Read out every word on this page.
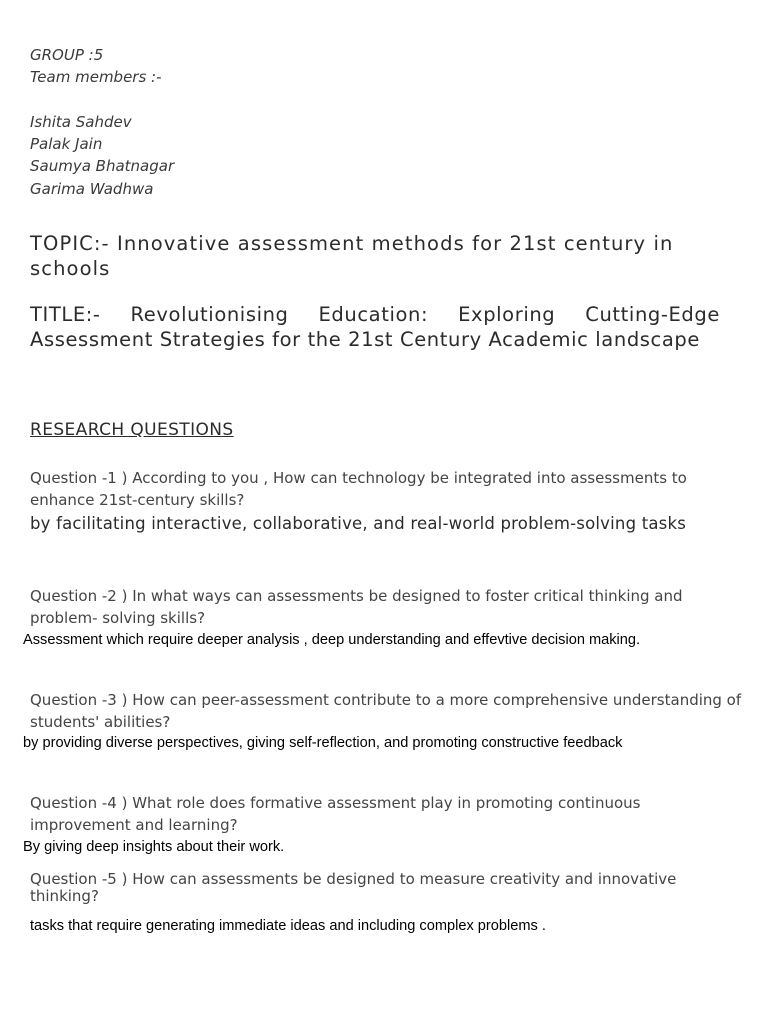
GROUP :5

Team members :-

Ishita Sahdev

Palak Jain

Saumya Bhatnagar

Garima Wadhwa

TOPIC:- Innovative assessment methods for 21st century in schools

TITLE:- Revolutionising Education: Exploring Cutting-Edge Assessment Strategies for the 21st Century Academic landscape

RESEARCH QUESTIONS

Question -1 ) According to you , How can technology be integrated into assessments to enhance 21st-century skills?

by facilitating interactive, collaborative, and real-world problem-solving tasks

Question -2 ) In what ways can assessments be designed to foster critical thinking and problem- solving skills?

Assessment which require deeper analysis , deep understanding and effevtive decision making.

Question -3 ) How can peer-assessment contribute to a more comprehensive understanding of students' abilities?

by providing diverse perspectives, giving self-reflection, and promoting constructive feedback

Question -4 ) What role does formative assessment play in promoting continuous improvement and learning?

By giving deep insights about their work.

Question -5 ) How can assessments be designed to measure creativity and innovative thinking?

tasks that require generating immediate ideas and including complex problems .
